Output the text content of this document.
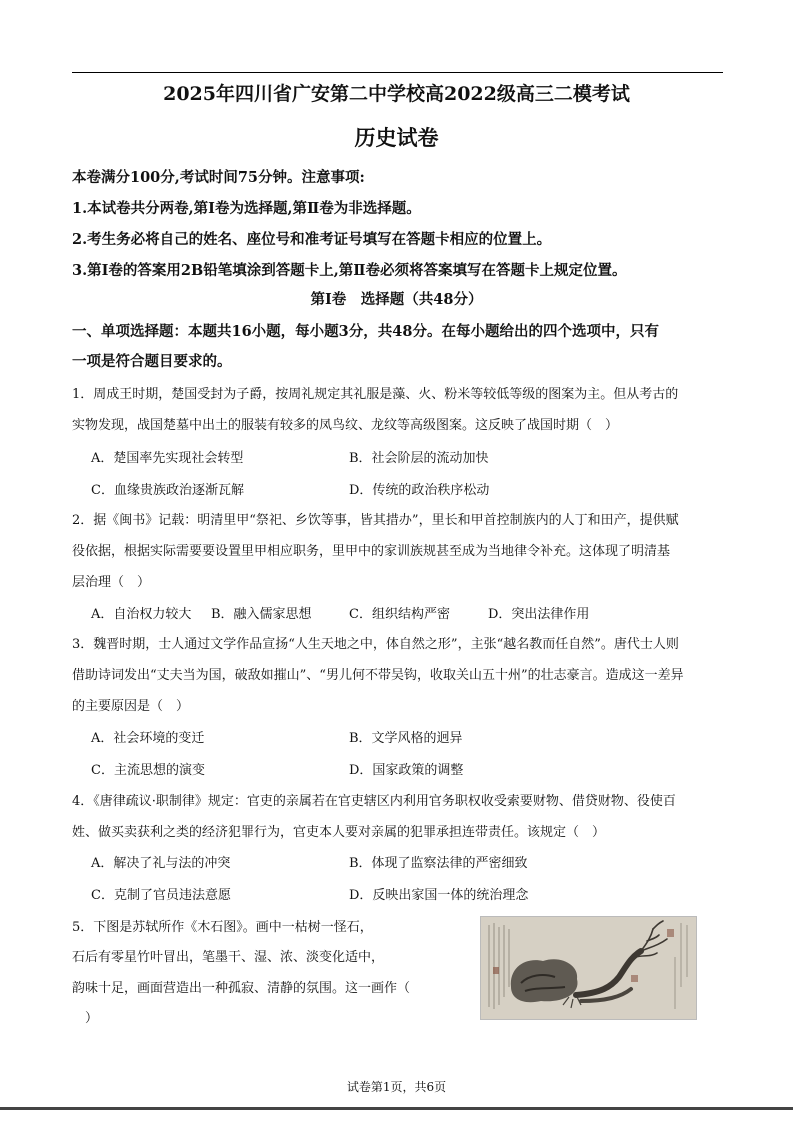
2025年四川省广安第二中学校高2022级高三二模考试
历史试卷
本卷满分100分,考试时间75分钟。注意事项:
1.本试卷共分两卷,第Ⅰ卷为选择题,第Ⅱ卷为非选择题。
2.考生务必将自己的姓名、座位号和准考证号填写在答题卡相应的位置上。
3.第Ⅰ卷的答案用2B铅笔填涂到答题卡上,第Ⅱ卷必须将答案填写在答题卡上规定位置。
第Ⅰ卷　选择题（共48分）
一、单项选择题：本题共16小题，每小题3分，共48分。在每小题给出的四个选项中，只有
一项是符合题目要求的。
1．周成王时期，楚国受封为子爵，按周礼规定其礼服是藻、火、粉米等较低等级的图案为主。但从考古的
实物发现，战国楚墓中出土的服装有较多的凤鸟纹、龙纹等高级图案。这反映了战国时期（　）
A．楚国率先实现社会转型	B．社会阶层的流动加快
C．血缘贵族政治逐渐瓦解	D．传统的政治秩序松动
2．据《闽书》记载：明清里甲“祭祀、乡饮等事，皆其措办”，里长和甲首控制族内的人丁和田产，提供赋
役依据，根据实际需要要设置里甲相应职务，里甲中的家训族规甚至成为当地律令补充。这体现了明清基
层治理（　）
A．自治权力较大 B．融入儒家思想	C．组织结构严密	D．突出法律作用
3．魏晋时期，士人通过文学作品宣扬“人生天地之中，体自然之形”，主张“越名教而任自然”。唐代士人则
借助诗词发出“丈夫当为国，破敌如摧山”、“男儿何不带吴钩，收取关山五十州”的壮志豪言。造成这一差异
的主要原因是（　）
A．社会环境的变迁	B．文学风格的迥异
C．主流思想的演变	D．国家政策的调整
4．《唐律疏议·职制律》规定：官吏的亲属若在官吏辖区内利用官务职权收受索要财物、借贷财物、役使百
姓、做买卖获利之类的经济犯罪行为，官吏本人要对亲属的犯罪承担连带责任。该规定（　）
A．解决了礼与法的冲突	B．体现了监察法律的严密细致
C．克制了官员违法意愿	D．反映出家国一体的统治理念
5．下图是苏轼所作《木石图》。画中一枯树一怪石，
石后有零星竹叶冒出，笔墨干、湿、浓、淡变化适中，
韵味十足，画面营造出一种孤寂、清静的氛围。这一画作（
　）
试卷第1页，共6页
